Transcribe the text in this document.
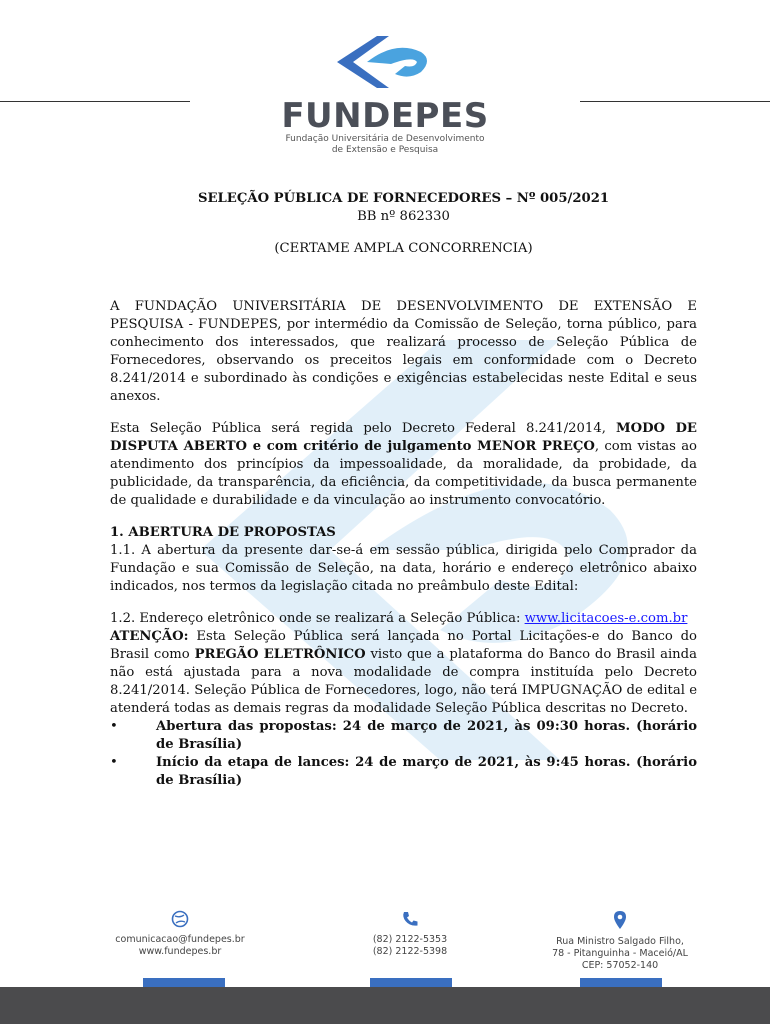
FUNDEPES
Fundação Universitária de Desenvolvimento
de Extensão e Pesquisa
SELEÇÃO PÚBLICA DE FORNECEDORES – Nº 005/2021
BB nº 862330
(CERTAME AMPLA CONCORRENCIA)

A FUNDAÇÃO UNIVERSITÁRIA DE DESENVOLVIMENTO DE EXTENSÃO E PESQUISA - FUNDEPES, por intermédio da Comissão de Seleção, torna público, para conhecimento dos interessados, que realizará processo de Seleção Pública de Fornecedores, observando os preceitos legais em conformidade com o Decreto 8.241/2014 e subordinado às condições e exigências estabelecidas neste Edital e seus anexos.

Esta Seleção Pública será regida pelo Decreto Federal 8.241/2014, MODO DE DISPUTA ABERTO e com critério de julgamento MENOR PREÇO, com vistas ao atendimento dos princípios da impessoalidade, da moralidade, da probidade, da publicidade, da transparência, da eficiência, da competitividade, da busca permanente de qualidade e durabilidade e da vinculação ao instrumento convocatório.

1. ABERTURA DE PROPOSTAS

1.1. A abertura da presente dar-se-á em sessão pública, dirigida pelo Comprador da Fundação e sua Comissão de Seleção, na data, horário e endereço eletrônico abaixo indicados, nos termos da legislação citada no preâmbulo deste Edital:

1.2. Endereço eletrônico onde se realizará a Seleção Pública: www.licitacoes-e.com.br

ATENÇÃO: Esta Seleção Pública será lançada no Portal Licitações-e do Banco do Brasil como PREGÃO ELETRÔNICO visto que a plataforma do Banco do Brasil ainda não está ajustada para a nova modalidade de compra instituída pelo Decreto 8.241/2014. Seleção Pública de Fornecedores, logo, não terá IMPUGNAÇÃO de edital e atenderá todas as demais regras da modalidade Seleção Pública descritas no Decreto.

•	Abertura das propostas: 24 de março de 2021, às 09:30 horas. (horário de Brasília)
•	Início da etapa de lances: 24 de março de 2021, às 9:45 horas. (horário de Brasília)
comunicacao@fundepes.br
www.fundepes.br
(82) 2122-5353
(82) 2122-5398
Rua Ministro Salgado Filho,
78 - Pitanguinha - Maceió/AL
CEP: 57052-140
